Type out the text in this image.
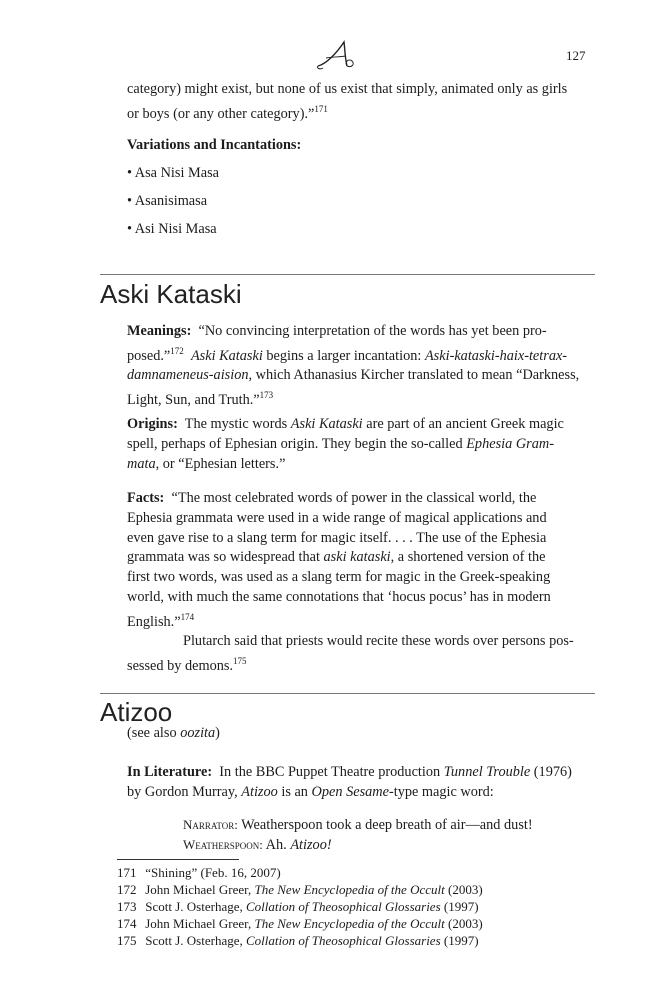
127
category) might exist, but none of us exist that simply, animated only as girls
or boys (or any other category).”$^{171}$
Variations and Incantations:
• Asa Nisi Masa
• Asanisimasa
• Asi Nisi Masa
Aski Kataski
Meanings: “No convincing interpretation of the words has yet been pro-
posed.”$^{172}$ Aski Kataski begins a larger incantation: Aski-kataski-haix-tetrax-
damnameneus-aision, which Athanasius Kircher translated to mean “Darkness,
Light, Sun, and Truth.”$^{173}$
Origins: The mystic words Aski Kataski are part of an ancient Greek magic
spell, perhaps of Ephesian origin. They begin the so-called Ephesia Gram-
mata, or “Ephesian letters.”
Facts: “The most celebrated words of power in the classical world, the
Ephesia grammata were used in a wide range of magical applications and
even gave rise to a slang term for magic itself. . . . The use of the Ephesia
grammata was so widespread that aski kataski, a shortened version of the
first two words, was used as a slang term for magic in the Greek-speaking
world, with much the same connotations that ‘hocus pocus’ has in modern
English.”$^{174}$
Plutarch said that priests would recite these words over persons pos-
sessed by demons.$^{175}$
Atizoo
(see also oozita)
In Literature: In the BBC Puppet Theatre production Tunnel Trouble (1976)
by Gordon Murray, Atizoo is an Open Sesame-type magic word:
Narrator: Weatherspoon took a deep breath of air—and dust!
Weatherspoon: Ah. Atizoo!
171 “Shining” (Feb. 16, 2007)
172 John Michael Greer, The New Encyclopedia of the Occult (2003)
173 Scott J. Osterhage, Collation of Theosophical Glossaries (1997)
174 John Michael Greer, The New Encyclopedia of the Occult (2003)
175 Scott J. Osterhage, Collation of Theosophical Glossaries (1997)
